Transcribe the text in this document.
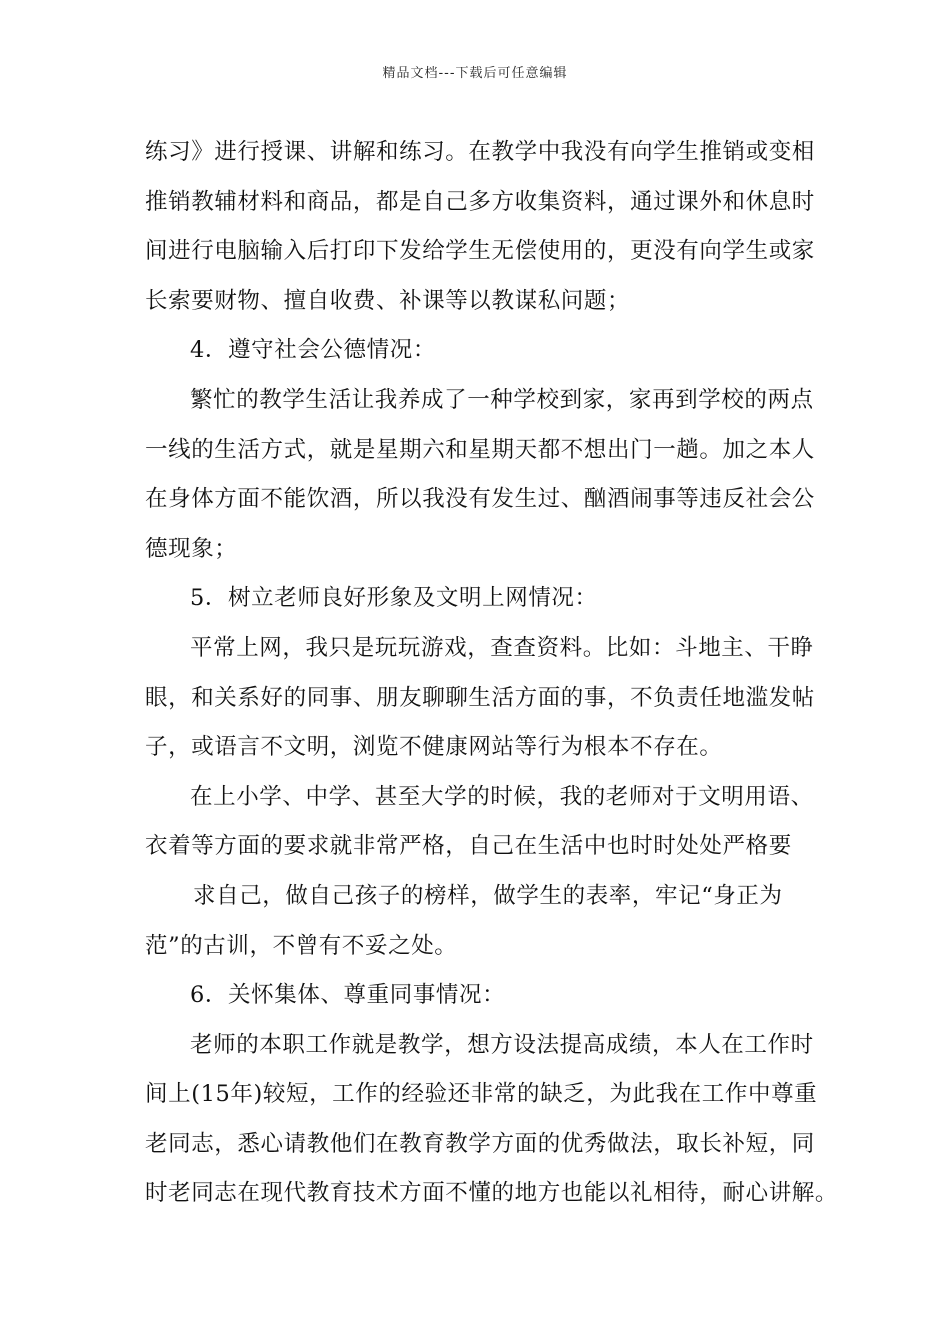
精品文档---下载后可任意编辑
练习》进行授课、讲解和练习。在教学中我没有向学生推销或变相
推销教辅材料和商品，都是自己多方收集资料，通过课外和休息时
间进行电脑输入后打印下发给学生无偿使用的，更没有向学生或家
长索要财物、擅自收费、补课等以教谋私问题；
4．遵守社会公德情况：
繁忙的教学生活让我养成了一种学校到家，家再到学校的两点
一线的生活方式，就是星期六和星期天都不想出门一趟。加之本人
在身体方面不能饮酒，所以我没有发生过、酗酒闹事等违反社会公
德现象；
5．树立老师良好形象及文明上网情况：
平常上网，我只是玩玩游戏，查查资料。比如：斗地主、干睁
眼，和关系好的同事、朋友聊聊生活方面的事，不负责任地滥发帖
子，或语言不文明，浏览不健康网站等行为根本不存在。
在上小学、中学、甚至大学的时候，我的老师对于文明用语、
衣着等方面的要求就非常严格，自己在生活中也时时处处严格要
求自己，做自己孩子的榜样，做学生的表率，牢记“身正为
范”的古训，不曾有不妥之处。
6．关怀集体、尊重同事情况：
老师的本职工作就是教学，想方设法提高成绩，本人在工作时
间上(15年)较短，工作的经验还非常的缺乏，为此我在工作中尊重
老同志，悉心请教他们在教育教学方面的优秀做法，取长补短，同
时老同志在现代教育技术方面不懂的地方也能以礼相待，耐心讲解。
